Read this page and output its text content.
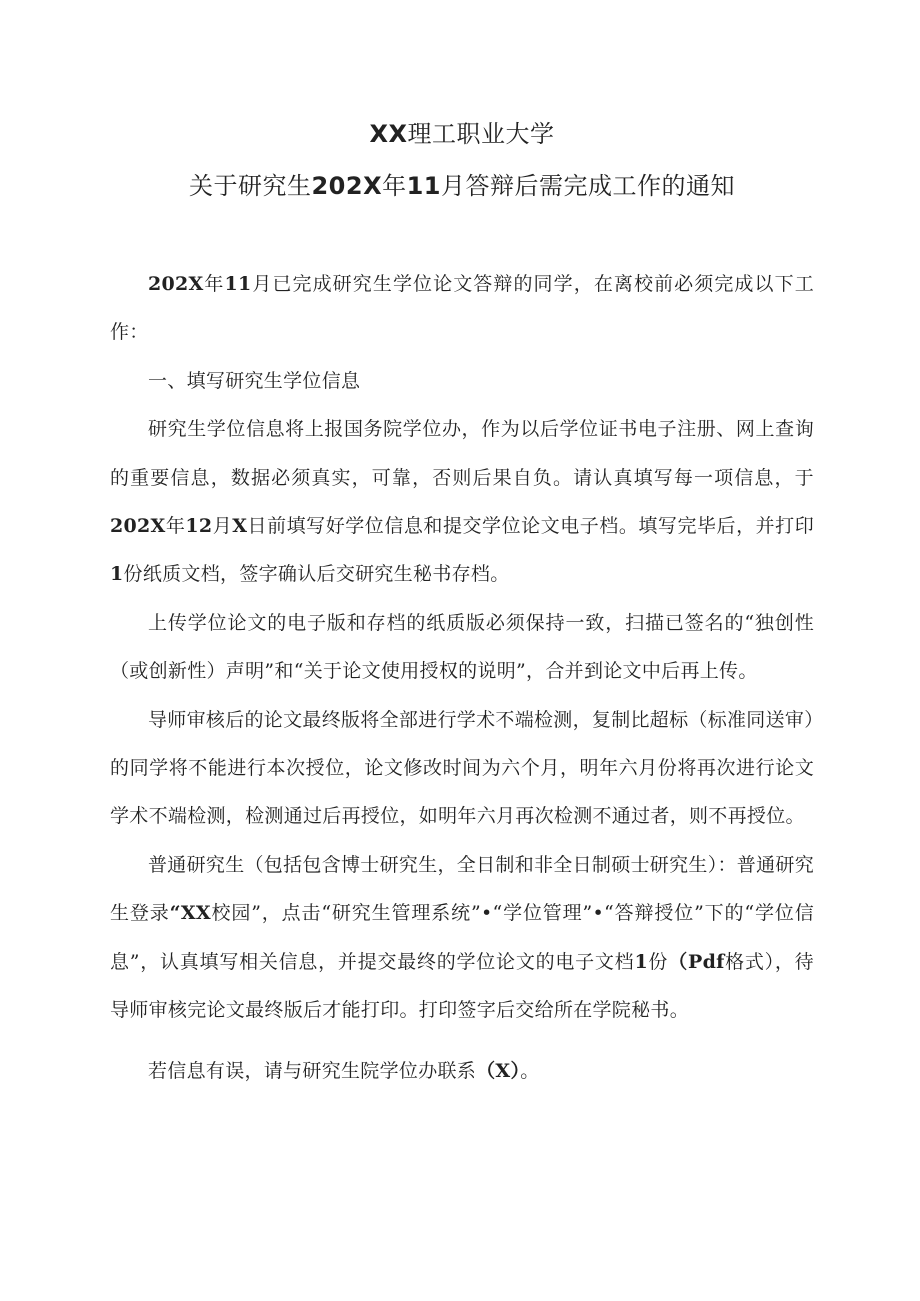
XX理工职业大学
关于研究生202X年11月答辩后需完成工作的通知

202X年11月已完成研究生学位论文答辩的同学，在离校前必须完成以下工作：

一、填写研究生学位信息

研究生学位信息将上报国务院学位办，作为以后学位证书电子注册、网上查询的重要信息，数据必须真实，可靠，否则后果自负。请认真填写每一项信息，于202X年12月X日前填写好学位信息和提交学位论文电子档。填写完毕后，并打印1份纸质文档，签字确认后交研究生秘书存档。

上传学位论文的电子版和存档的纸质版必须保持一致，扫描已签名的“独创性（或创新性）声明”和“关于论文使用授权的说明”，合并到论文中后再上传。

导师审核后的论文最终版将全部进行学术不端检测，复制比超标（标准同送审）的同学将不能进行本次授位，论文修改时间为六个月，明年六月份将再次进行论文学术不端检测，检测通过后再授位，如明年六月再次检测不通过者，则不再授位。

普通研究生（包括包含博士研究生，全日制和非全日制硕士研究生）：普通研究生登录“XX校园”，点击“研究生管理系统”•“学位管理”•“答辩授位”下的“学位信息”，认真填写相关信息，并提交最终的学位论文的电子文档1份（Pdf格式），待导师审核完论文最终版后才能打印。打印签字后交给所在学院秘书。

若信息有误，请与研究生院学位办联系（X）。
